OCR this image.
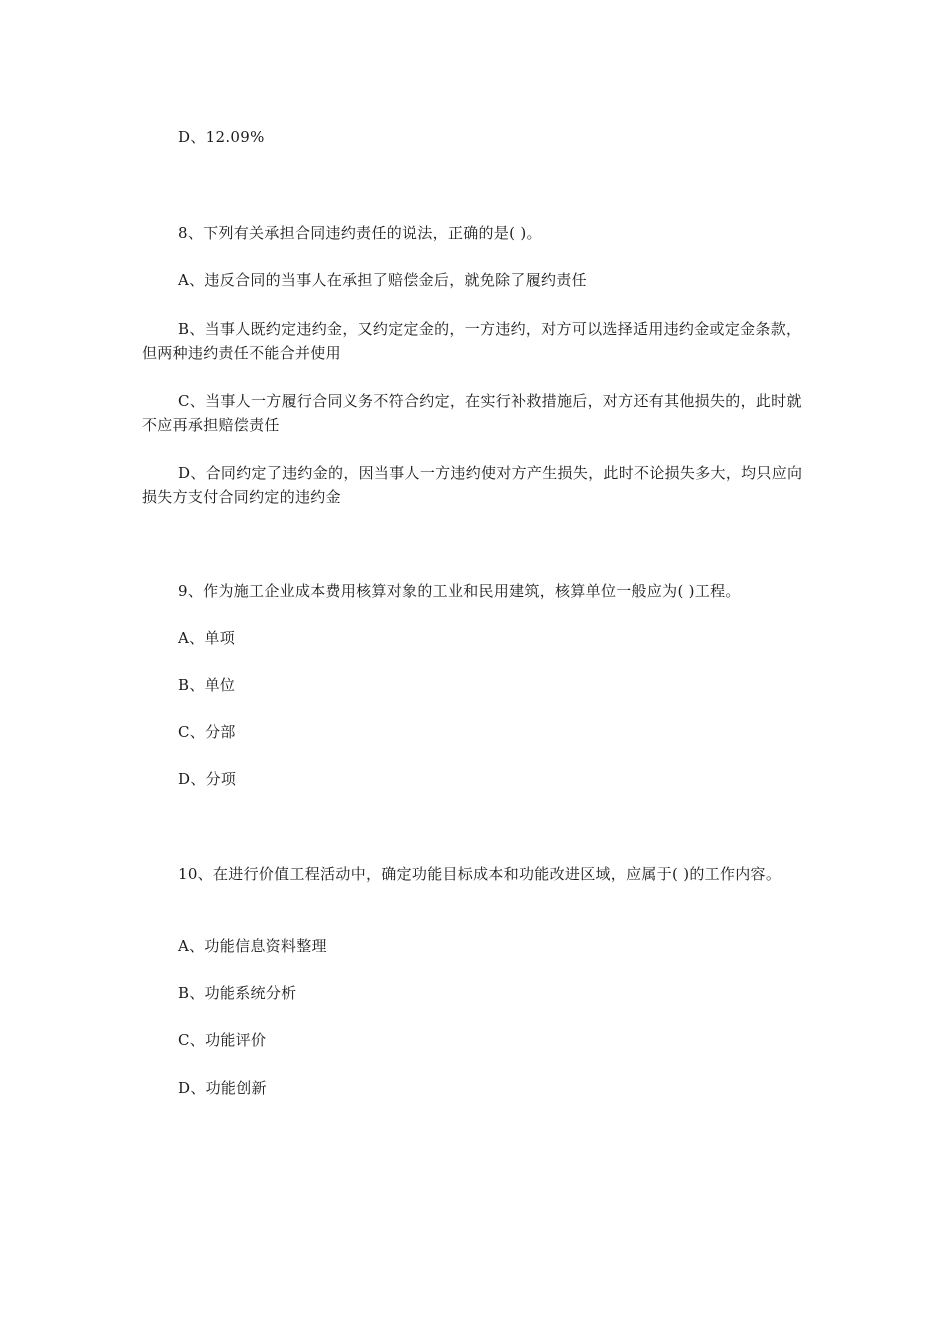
D、12.09%

8、下列有关承担合同违约责任的说法，正确的是( )。

A、违反合同的当事人在承担了赔偿金后，就免除了履约责任

B、当事人既约定违约金，又约定定金的，一方违约，对方可以选择适用违约金或定金条款，但两种违约责任不能合并使用

C、当事人一方履行合同义务不符合约定，在实行补救措施后，对方还有其他损失的，此时就不应再承担赔偿责任

D、合同约定了违约金的，因当事人一方违约使对方产生损失，此时不论损失多大，均只应向损失方支付合同约定的违约金

9、作为施工企业成本费用核算对象的工业和民用建筑，核算单位一般应为( )工程。

A、单项

B、单位

C、分部

D、分项

10、在进行价值工程活动中，确定功能目标成本和功能改进区域，应属于( )的工作内容。

A、功能信息资料整理

B、功能系统分析

C、功能评价

D、功能创新
